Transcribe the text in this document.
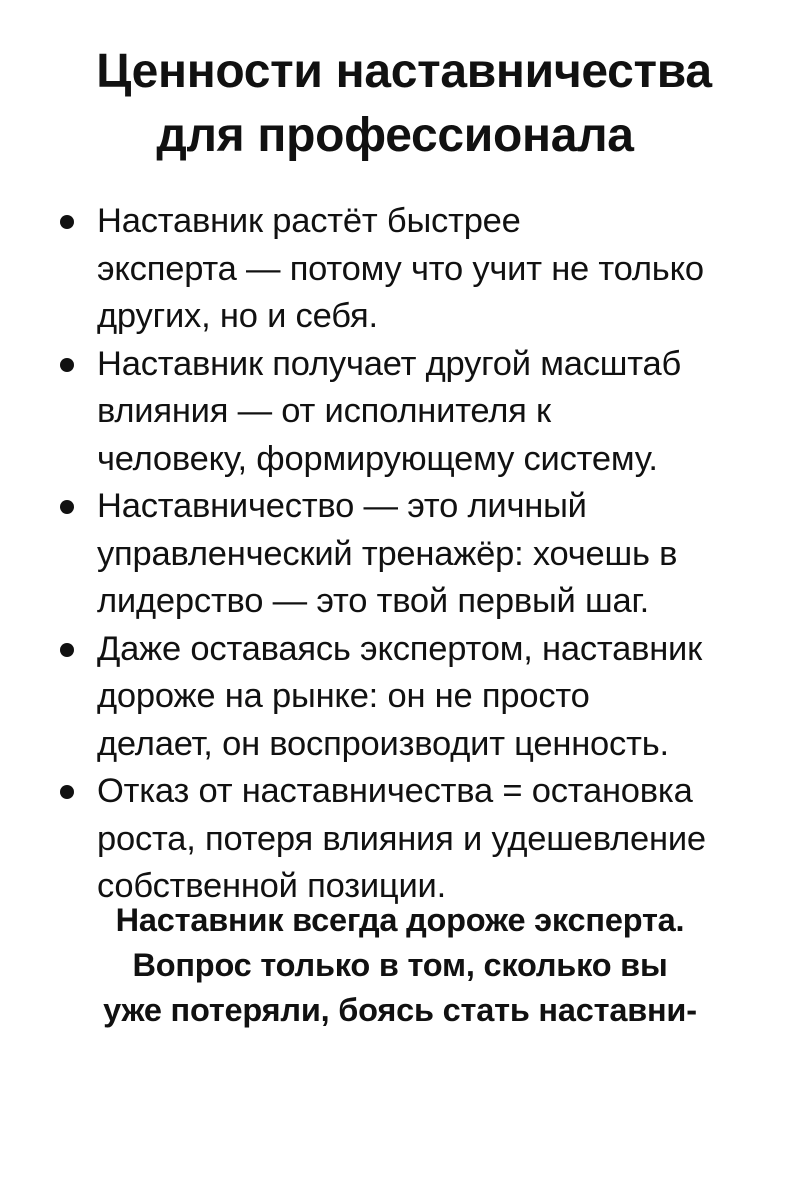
Ценности наставничества
для профессионала
Наставник растёт быстрее
эксперта — потому что учит не только
других, но и себя.
Наставник получает другой масштаб
влияния — от исполнителя к
человеку, формирующему систему.
Наставничество — это личный
управленческий тренажёр: хочешь в
лидерство — это твой первый шаг.
Даже оставаясь экспертом, наставник
дороже на рынке: он не просто
делает, он воспроизводит ценность.
Отказ от наставничества = остановка
роста, потеря влияния и удешевление
собственной позиции.

Наставник всегда дороже эксперта.
Вопрос только в том, сколько вы
уже потеряли, боясь стать наставни-
